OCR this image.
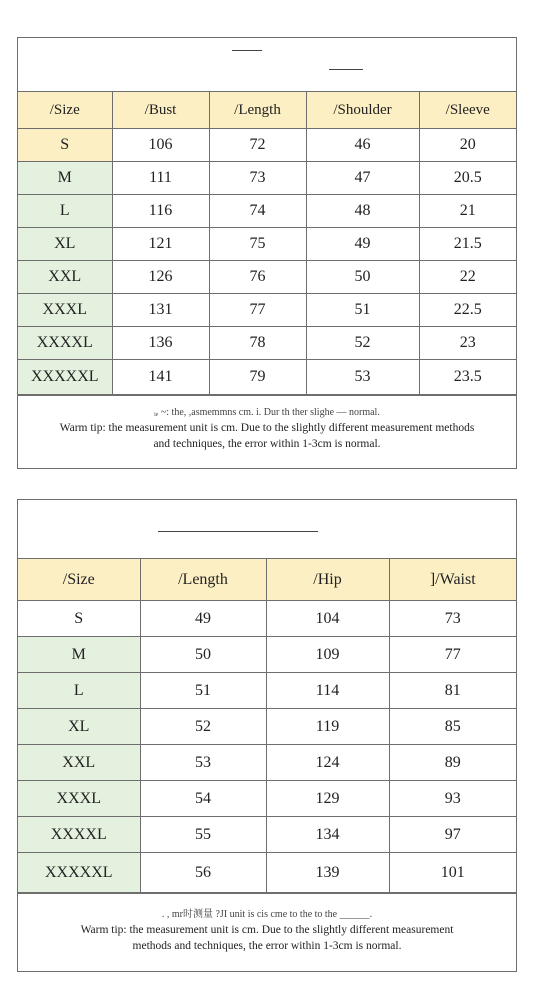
/Size	/Bust	/Length	/Shoulder	/Sleeve
S	106	72	46	20
M	111	73	47	20.5
L	116	74	48	21
XL	121	75	49	21.5
XXL	126	76	50	22
XXXL	131	77	51	22.5
XXXXL	136	78	52	23
XXXXXL	141	79	53	23.5
ᵢₑ ~: the, ,asmemmns cm. i. Dur th ther slighe — normal.
Warm tip: the measurement unit is cm. Due to the slightly different measurement methods
and techniques, the error within 1-3cm is normal.
/Size	/Length	/Hip	]/Waist
S	49	104	73
M	50	109	77
L	51	114	81
XL	52	119	85
XXL	53	124	89
XXXL	54	129	93
XXXXL	55	134	97
XXXXXL	56	139	101
. , mr时测量 ?JI unit is cis cme to the to the ______.
Warm tip: the measurement unit is cm. Due to the slightly different measurement
methods and techniques, the error within 1-3cm is normal.
